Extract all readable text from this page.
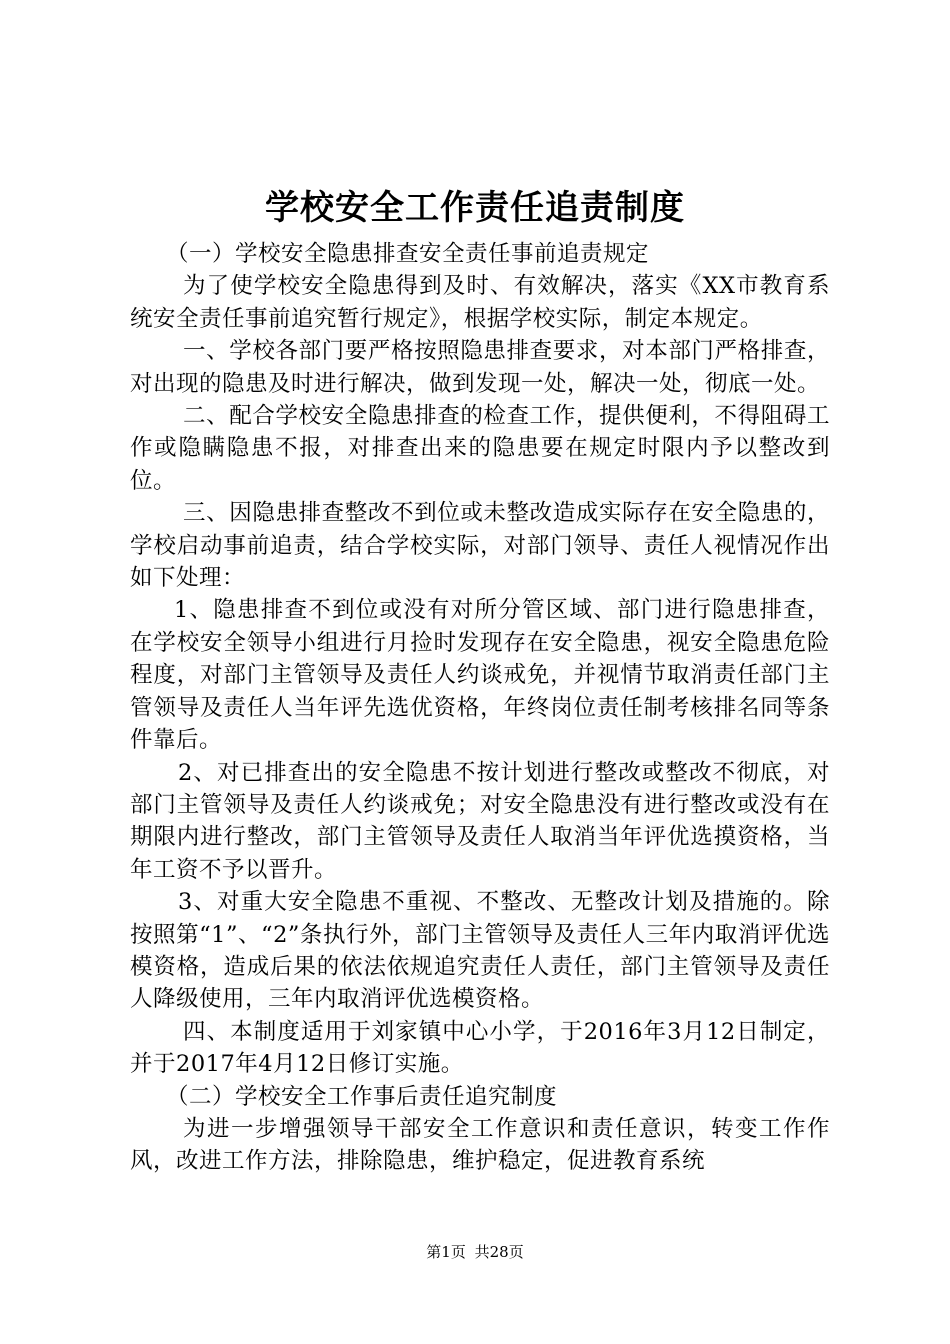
学校安全工作责任追责制度

（一）学校安全隐患排查安全责任事前追责规定

为了使学校安全隐患得到及时、有效解决，落实《XX市教育系统安全责任事前追究暂行规定》，根据学校实际，制定本规定。

一、学校各部门要严格按照隐患排查要求，对本部门严格排查，对出现的隐患及时进行解决，做到发现一处，解决一处，彻底一处。

二、配合学校安全隐患排查的检查工作，提供便利，不得阻碍工作或隐瞒隐患不报，对排查出来的隐患要在规定时限内予以整改到位。

三、因隐患排查整改不到位或未整改造成实际存在安全隐患的，学校启动事前追责，结合学校实际，对部门领导、责任人视情况作出如下处理：

1、隐患排查不到位或没有对所分管区域、部门进行隐患排查，在学校安全领导小组进行月捡时发现存在安全隐患，视安全隐患危险程度，对部门主管领导及责任人约谈戒免，并视情节取消责任部门主管领导及责任人当年评先选优资格，年终岗位责任制考核排名同等条件靠后。

2、对已排查出的安全隐患不按计划进行整改或整改不彻底，对部门主管领导及责任人约谈戒免；对安全隐患没有进行整改或没有在期限内进行整改，部门主管领导及责任人取消当年评优选摸资格，当年工资不予以晋升。

3、对重大安全隐患不重视、不整改、无整改计划及措施的。除按照第“1”、“2”条执行外，部门主管领导及责任人三年内取消评优选模资格，造成后果的依法依规追究责任人责任，部门主管领导及责任人降级使用，三年内取消评优选模资格。

四、本制度适用于刘家镇中心小学，于2016年3月12日制定，并于2017年4月12日修订实施。

（二）学校安全工作事后责任追究制度

为进一步增强领导干部安全工作意识和责任意识，转变工作作风，改进工作方法，排除隐患，维护稳定，促进教育系统

第1页 共28页
